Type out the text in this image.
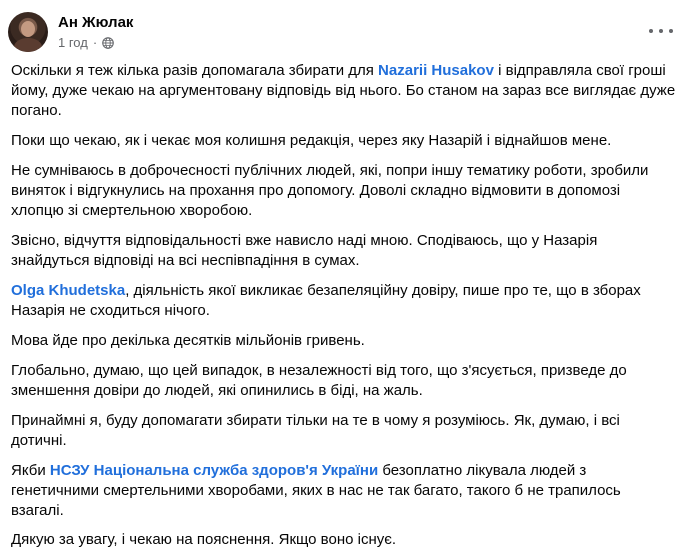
Ан Жюлак
1 год ·

Оскільки я теж кілька разів допомагала збирати для Nazarii Husakov і відправляла свої гроші йому, дуже чекаю на аргументовану відповідь від нього. Бо станом на зараз все виглядає дуже погано.

Поки що чекаю, як і чекає моя колишня редакція, через яку Назарій і віднайшов мене.

Не сумніваюсь в доброчесності публічних людей, які, попри іншу тематику роботи, зробили виняток і відгукнулись на прохання про допомогу. Доволі складно відмовити в допомозі хлопцю зі смертельною хворобою.

Звісно, відчуття відповідальності вже нависло наді мною. Сподіваюсь, що у Назарія знайдуться відповіді на всі неспівпадіння в сумах.

Olga Khudetska, діяльність якої викликає безапеляційну довіру, пише про те, що в зборах Назарія не сходиться нічого.

Мова йде про декілька десятків мільйонів гривень.

Глобально, думаю, що цей випадок, в незалежності від того, що з'ясується, призведе до зменшення довіри до людей, які опинились в біді, на жаль.

Принаймні я, буду допомагати збирати тільки на те в чому я розуміюсь. Як, думаю, і всі дотичні.

Якби НСЗУ Національна служба здоров'я України безоплатно лікувала людей з генетичними смертельними хворобами, яких в нас не так багато, такого б не трапилось взагалі.

Дякую за увагу, і чекаю на пояснення. Якщо воно існує.
